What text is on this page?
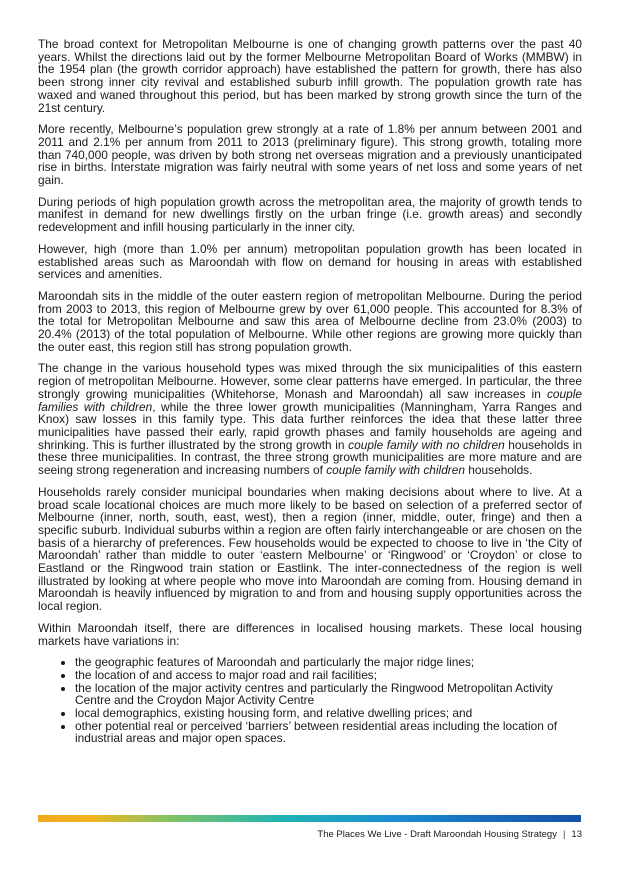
The broad context for Metropolitan Melbourne is one of changing growth patterns over the past 40 years. Whilst the directions laid out by the former Melbourne Metropolitan Board of Works (MMBW) in the 1954 plan (the growth corridor approach) have established the pattern for growth, there has also been strong inner city revival and established suburb infill growth. The population growth rate has waxed and waned throughout this period, but has been marked by strong growth since the turn of the 21st century.

More recently, Melbourne’s population grew strongly at a rate of 1.8% per annum between 2001 and 2011 and 2.1% per annum from 2011 to 2013 (preliminary figure). This strong growth, totaling more than 740,000 people, was driven by both strong net overseas migration and a previously unanticipated rise in births. Interstate migration was fairly neutral with some years of net loss and some years of net gain.

During periods of high population growth across the metropolitan area, the majority of growth tends to manifest in demand for new dwellings firstly on the urban fringe (i.e. growth areas) and secondly redevelopment and infill housing particularly in the inner city.

However, high (more than 1.0% per annum) metropolitan population growth has been located in established areas such as Maroondah with flow on demand for housing in areas with established services and amenities.

Maroondah sits in the middle of the outer eastern region of metropolitan Melbourne. During the period from 2003 to 2013, this region of Melbourne grew by over 61,000 people. This accounted for 8.3% of the total for Metropolitan Melbourne and saw this area of Melbourne decline from 23.0% (2003) to 20.4% (2013) of the total population of Melbourne. While other regions are growing more quickly than the outer east, this region still has strong population growth.

The change in the various household types was mixed through the six municipalities of this eastern region of metropolitan Melbourne. However, some clear patterns have emerged. In particular, the three strongly growing municipalities (Whitehorse, Monash and Maroondah) all saw increases in couple families with children, while the three lower growth municipalities (Manningham, Yarra Ranges and Knox) saw losses in this family type. This data further reinforces the idea that these latter three municipalities have passed their early, rapid growth phases and family households are ageing and shrinking. This is further illustrated by the strong growth in couple family with no children households in these three municipalities. In contrast, the three strong growth municipalities are more mature and are seeing strong regeneration and increasing numbers of couple family with children households.

Households rarely consider municipal boundaries when making decisions about where to live. At a broad scale locational choices are much more likely to be based on selection of a preferred sector of Melbourne (inner, north, south, east, west), then a region (inner, middle, outer, fringe) and then a specific suburb. Individual suburbs within a region are often fairly interchangeable or are chosen on the basis of a hierarchy of preferences. Few households would be expected to choose to live in ‘the City of Maroondah’ rather than middle to outer ‘eastern Melbourne’ or ‘Ringwood’ or ‘Croydon’ or close to Eastland or the Ringwood train station or Eastlink. The inter-connectedness of the region is well illustrated by looking at where people who move into Maroondah are coming from. Housing demand in Maroondah is heavily influenced by migration to and from and housing supply opportunities across the local region.

Within Maroondah itself, there are differences in localised housing markets. These local housing markets have variations in:

• the geographic features of Maroondah and particularly the major ridge lines;
• the location of and access to major road and rail facilities;
• the location of the major activity centres and particularly the Ringwood Metropolitan Activity Centre and the Croydon Major Activity Centre
• local demographics, existing housing form, and relative dwelling prices; and
• other potential real or perceived ‘barriers’ between residential areas including the location of industrial areas and major open spaces.
The Places We Live - Draft Maroondah Housing Strategy | 13
